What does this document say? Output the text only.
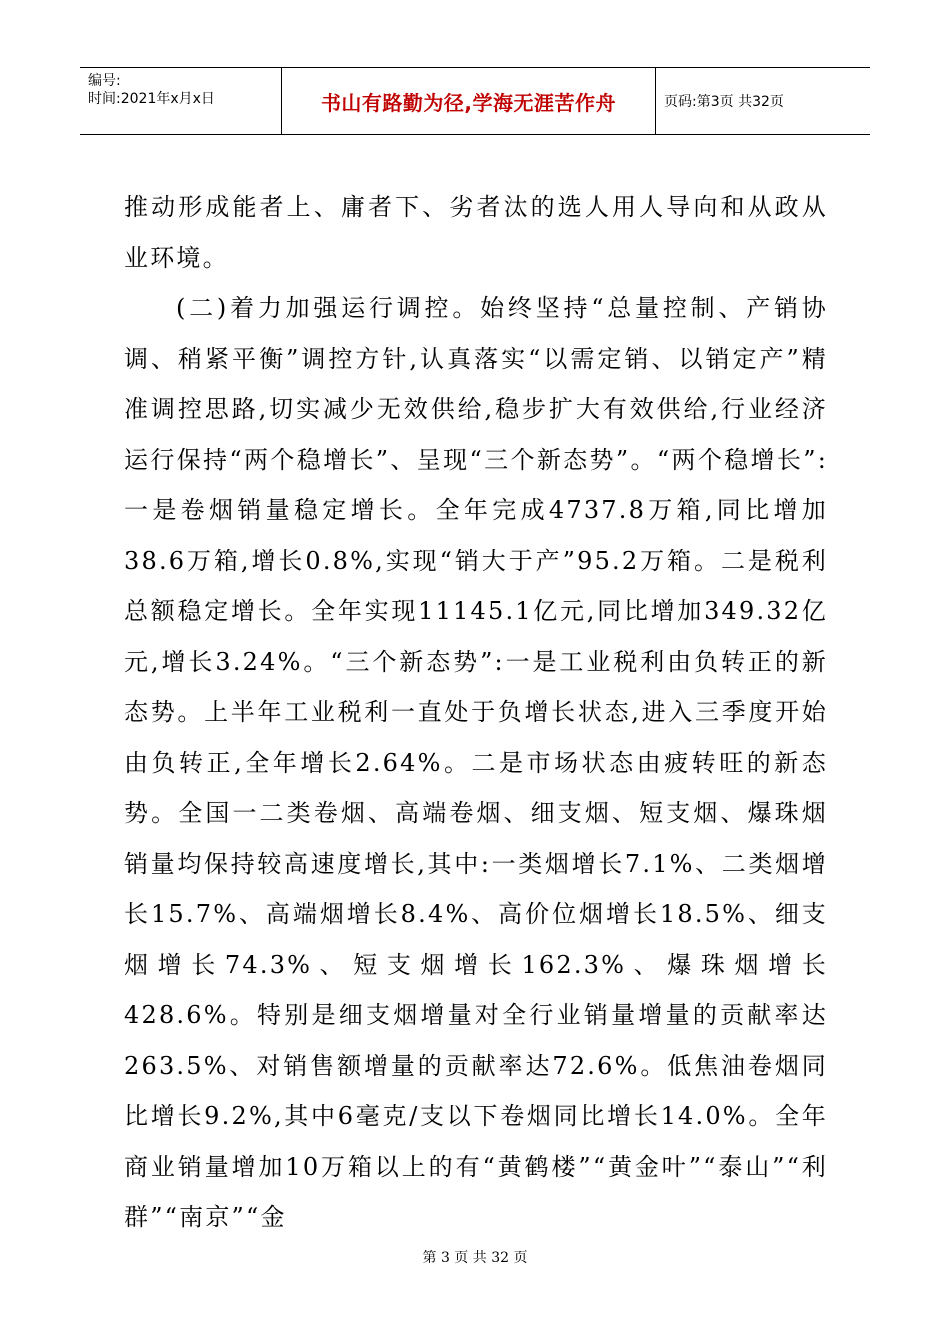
编号:
时间:2021年x月x日	书山有路勤为径,学海无涯苦作舟	页码:第3页 共32页

推动形成能者上、庸者下、劣者汰的选人用人导向和从政从业环境。

(二)着力加强运行调控。始终坚持“总量控制、产销协调、稍紧平衡”调控方针,认真落实“以需定销、以销定产”精准调控思路,切实减少无效供给,稳步扩大有效供给,行业经济运行保持“两个稳增长”、呈现“三个新态势”。“两个稳增长”:一是卷烟销量稳定增长。全年完成4737.8万箱,同比增加38.6万箱,增长0.8%,实现“销大于产”95.2万箱。二是税利总额稳定增长。全年实现11145.1亿元,同比增加349.32亿元,增长3.24%。“三个新态势”:一是工业税利由负转正的新态势。上半年工业税利一直处于负增长状态,进入三季度开始由负转正,全年增长2.64%。二是市场状态由疲转旺的新态势。全国一二类卷烟、高端卷烟、细支烟、短支烟、爆珠烟销量均保持较高速度增长,其中:一类烟增长7.1%、二类烟增长15.7%、高端烟增长8.4%、高价位烟增长18.5%、细支烟增长74.3%、短支烟增长162.3%、爆珠烟增长428.6%。特别是细支烟增量对全行业销量增量的贡献率达263.5%、对销售额增量的贡献率达72.6%。低焦油卷烟同比增长9.2%,其中6毫克/支以下卷烟同比增长14.0%。全年商业销量增加10万箱以上的有“黄鹤楼”“黄金叶”“泰山”“利群”“南京”“金

第 3 页 共 32 页
